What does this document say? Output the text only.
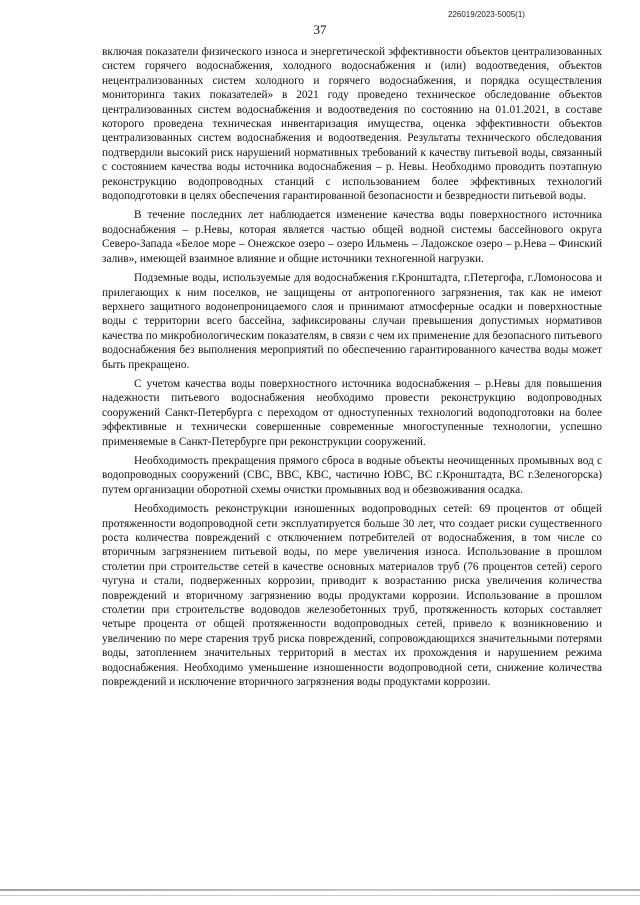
226019/2023-5005(1)
37

включая показатели физического износа и энергетической эффективности объектов централизованных систем горячего водоснабжения, холодного водоснабжения и (или) водоотведения, объектов нецентрализованных систем холодного и горячего водоснабжения, и порядка осуществления мониторинга таких показателей» в 2021 году проведено техническое обследование объектов централизованных систем водоснабжения и водоотведения по состоянию на 01.01.2021, в составе которого проведена техническая инвентаризация имущества, оценка эффективности объектов централизованных систем водоснабжения и водоотведения. Результаты технического обследования подтвердили высокий риск нарушений нормативных требований к качеству питьевой воды, связанный с состоянием качества воды источника водоснабжения – р. Невы. Необходимо проводить поэтапную реконструкцию водопроводных станций с использованием более эффективных технологий водоподготовки в целях обеспечения гарантированной безопасности и безвредности питьевой воды.

В течение последних лет наблюдается изменение качества воды поверхностного источника водоснабжения – р.Невы, которая является частью общей водной системы бассейнового округа Северо-Запада «Белое море – Онежское озеро – озеро Ильмень – Ладожское озеро – р.Нева – Финский залив», имеющей взаимное влияние и общие источники техногенной нагрузки.

Подземные воды, используемые для водоснабжения г.Кронштадта, г.Петергофа, г.Ломоносова и прилегающих к ним поселков, не защищены от антропогенного загрязнения, так как не имеют верхнего защитного водонепроницаемого слоя и принимают атмосферные осадки и поверхностные воды с территории всего бассейна, зафиксированы случаи превышения допустимых нормативов качества по микробиологическим показателям, в связи с чем их применение для безопасного питьевого водоснабжения без выполнения мероприятий по обеспечению гарантированного качества воды может быть прекращено.

С учетом качества воды поверхностного источника водоснабжения – р.Невы для повышения надежности питьевого водоснабжения необходимо провести реконструкцию водопроводных сооружений Санкт-Петербурга с переходом от одноступенных технологий водоподготовки на более эффективные и технически совершенные современные многоступенные технологии, успешно применяемые в Санкт-Петербурге при реконструкции сооружений.

Необходимость прекращения прямого сброса в водные объекты неочищенных промывных вод с водопроводных сооружений (СВС, ВВС, КВС, частично ЮВС, ВС г.Кронштадта, ВС г.Зеленогорска) путем организации оборотной схемы очистки промывных вод и обезвоживания осадка.

Необходимость реконструкции изношенных водопроводных сетей: 69 процентов от общей протяженности водопроводной сети эксплуатируется больше 30 лет, что создает риски существенного роста количества повреждений с отключением потребителей от водоснабжения, в том числе со вторичным загрязнением питьевой воды, по мере увеличения износа. Использование в прошлом столетии при строительстве сетей в качестве основных материалов труб (76 процентов сетей) серого чугуна и стали, подверженных коррозии, приводит к возрастанию риска увеличения количества повреждений и вторичному загрязнению воды продуктами коррозии. Использование в прошлом столетии при строительстве водоводов железобетонных труб, протяженность которых составляет четыре процента от общей протяженности водопроводных сетей, привело к возникновению и увеличению по мере старения труб риска повреждений, сопровождающихся значительными потерями воды, затоплением значительных территорий в местах их прохождения и нарушением режима водоснабжения. Необходимо уменьшение изношенности водопроводной сети, снижение количества повреждений и исключение вторичного загрязнения воды продуктами коррозии.
